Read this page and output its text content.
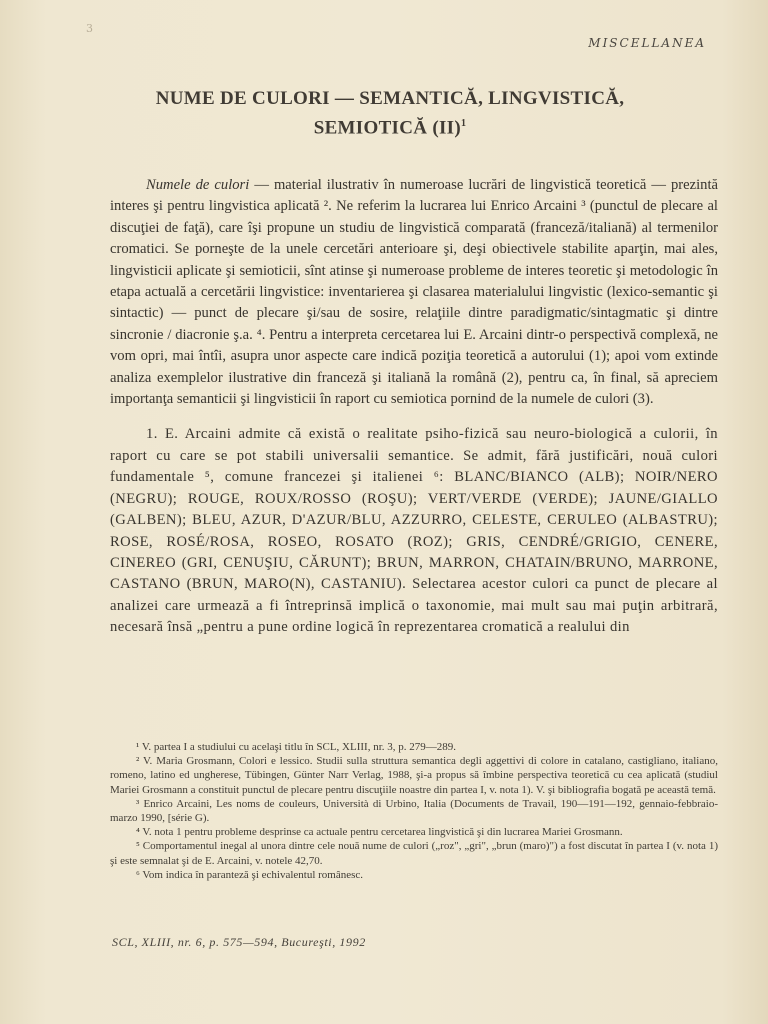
3
MISCELLANEA
NUME DE CULORI — SEMANTICĂ, LINGVISTICĂ,
SEMIOTICĂ (II)$^1$

Numele de culori — material ilustrativ în numeroase lucrări de lingvistică teoretică — prezintă interes şi pentru lingvistica aplicată ². Ne referim la lucrarea lui Enrico Arcaini ³ (punctul de plecare al discuţiei de faţă), care îşi propune un studiu de lingvistică comparată (franceză/italiană) al termenilor cromatici. Se porneşte de la unele cercetări anterioare şi, deşi obiectivele stabilite aparţin, mai ales, lingvisticii aplicate şi semioticii, sînt atinse şi numeroase probleme de interes teoretic şi metodologic în etapa actuală a cercetării lingvistice: inventarierea şi clasarea materialului lingvistic (lexico-semantic şi sintactic) — punct de plecare şi/sau de sosire, relaţiile dintre paradigmatic/sintagmatic şi dintre sincronie / diacronie ş.a. ⁴. Pentru a interpreta cercetarea lui E. Arcaini dintr-o perspectivă complexă, ne vom opri, mai întîi, asupra unor aspecte care indică poziţia teoretică a autorului (1); apoi vom extinde analiza exemplelor ilustrative din franceză şi italiană la română (2), pentru ca, în final, să apreciem importanţa semanticii şi lingvisticii în raport cu semiotica pornind de la numele de culori (3).

1. E. Arcaini admite că există o realitate psiho-fizică sau neuro-biologică a culorii, în raport cu care se pot stabili universalii semantice. Se admit, fără justificări, nouă culori fundamentale ⁵, comune francezei şi italienei ⁶: BLANC/BIANCO (ALB); NOIR/NERO (NEGRU); ROUGE, ROUX/ROSSO (ROŞU); VERT/VERDE (VERDE); JAUNE/GIALLO (GALBEN); BLEU, AZUR, D'AZUR/BLU, AZZURRO, CELESTE, CERULEO (ALBASTRU); ROSE, ROSÉ/ROSA, ROSEO, ROSATO (ROZ); GRIS, CENDRÉ/GRIGIO, CENERE, CINEREO (GRI, CENUŞIU, CĂRUNT); BRUN, MARRON, CHATAIN/BRUNO, MARRONE, CASTANO (BRUN, MARO(N), CASTANIU). Selectarea acestor culori ca punct de plecare al analizei care urmează a fi întreprinsă implică o taxonomie, mai mult sau mai puţin arbitrară, necesară însă „pentru a pune ordine logică în reprezentarea cromatică a realului din

¹ V. partea I a studiului cu acelaşi titlu în SCL, XLIII, nr. 3, p. 279—289.

² V. Maria Grosmann, Colori e lessico. Studii sulla struttura semantica degli aggettivi di colore in catalano, castigliano, italiano, romeno, latino ed ungherese, Tübingen, Günter Narr Verlag, 1988, şi-a propus să îmbine perspectiva teoretică cu cea aplicată (studiul Mariei Grosmann a constituit punctul de plecare pentru discuţiile noastre din partea I, v. nota 1). V. şi bibliografia bogată pe această temă.

³ Enrico Arcaini, Les noms de couleurs, Università di Urbino, Italia (Documents de Travail, 190—191—192, gennaio-febbraio-marzo 1990, [série G).

⁴ V. nota 1 pentru probleme desprinse ca actuale pentru cercetarea lingvistică şi din lucrarea Mariei Grosmann.

⁵ Comportamentul inegal al unora dintre cele nouă nume de culori („roz", „gri", „brun (maro)") a fost discutat în partea I (v. nota 1) şi este semnalat şi de E. Arcaini, v. notele 42,70.

⁶ Vom indica în paranteză şi echivalentul românesc.

SCL, XLIII, nr. 6, p. 575—594, Bucureşti, 1992
